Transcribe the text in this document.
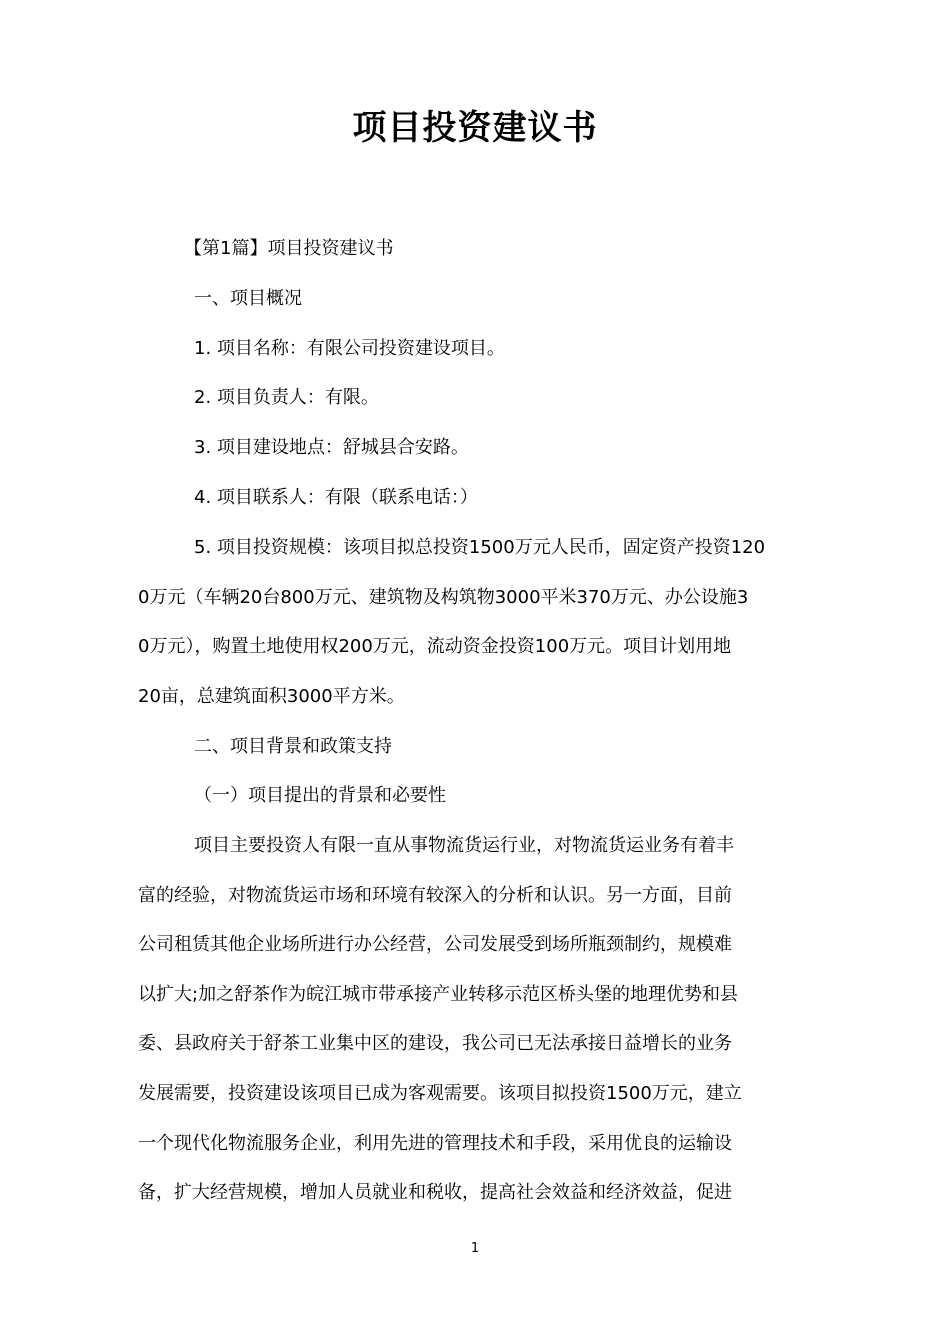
项目投资建议书
【第1篇】项目投资建议书
一、项目概况
1. 项目名称：有限公司投资建设项目。
2. 项目负责人：有限。
3. 项目建设地点：舒城县合安路。
4. 项目联系人：有限（联系电话：）
5. 项目投资规模：该项目拟总投资1500万元人民币，固定资产投资120
0万元（车辆20台800万元、建筑物及构筑物3000平米370万元、办公设施3
0万元），购置土地使用权200万元，流动资金投资100万元。项目计划用地
20亩，总建筑面积3000平方米。
二、项目背景和政策支持
（一）项目提出的背景和必要性
项目主要投资人有限一直从事物流货运行业，对物流货运业务有着丰
富的经验，对物流货运市场和环境有较深入的分析和认识。另一方面，目前
公司租赁其他企业场所进行办公经营，公司发展受到场所瓶颈制约，规模难
以扩大;加之舒茶作为皖江城市带承接产业转移示范区桥头堡的地理优势和县
委、县政府关于舒茶工业集中区的建设，我公司已无法承接日益增长的业务
发展需要，投资建设该项目已成为客观需要。该项目拟投资1500万元，建立
一个现代化物流服务企业，利用先进的管理技术和手段，采用优良的运输设
备，扩大经营规模，增加人员就业和税收，提高社会效益和经济效益，促进
1
